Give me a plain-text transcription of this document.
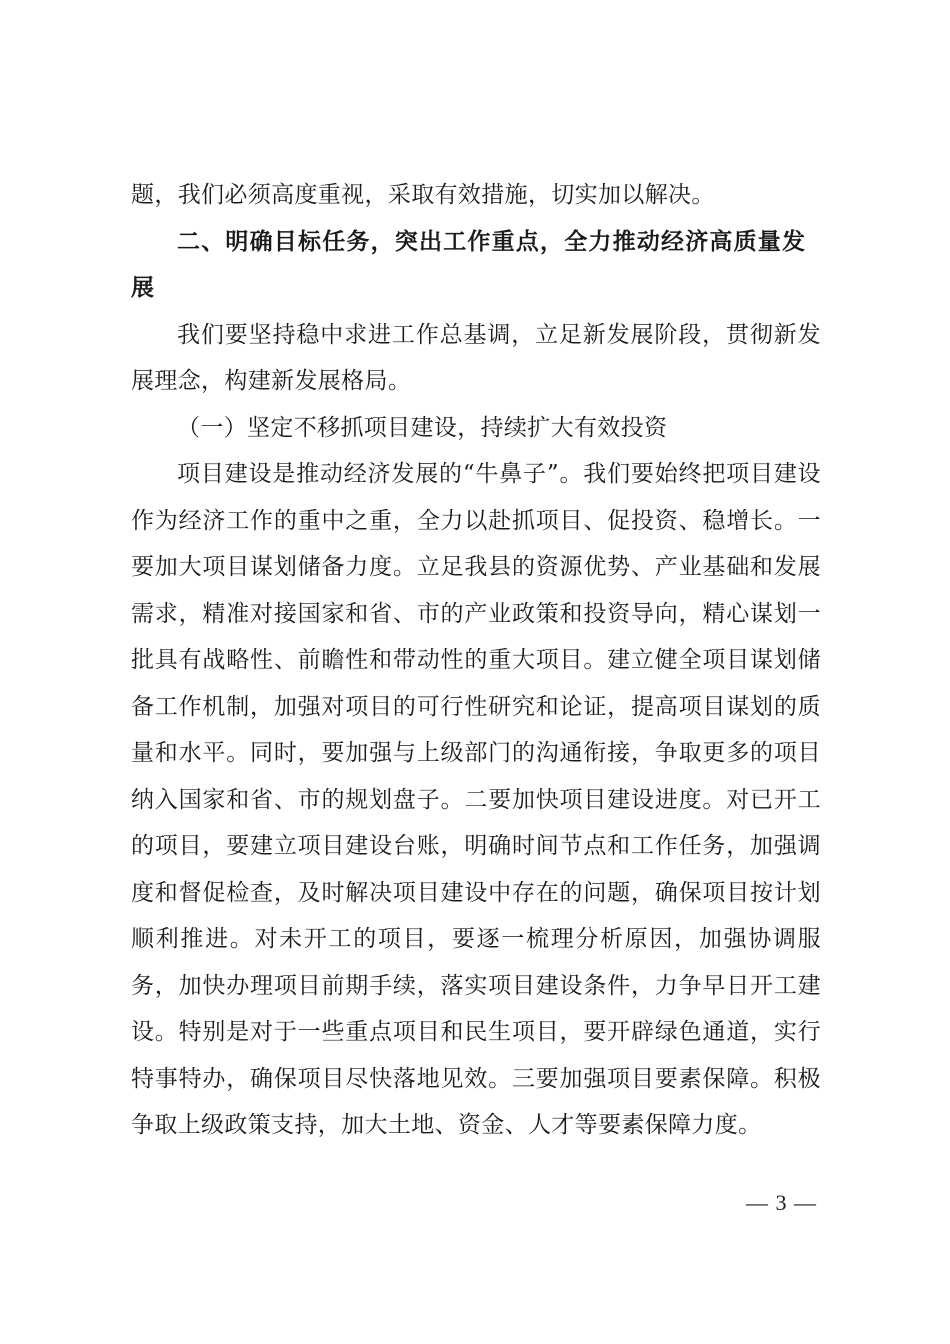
题，我们必须高度重视，采取有效措施，切实加以解决。

二、明确目标任务，突出工作重点，全力推动经济高质量发展

我们要坚持稳中求进工作总基调，立足新发展阶段，贯彻新发展理念，构建新发展格局。

（一）坚定不移抓项目建设，持续扩大有效投资

项目建设是推动经济发展的“牛鼻子”。我们要始终把项目建设作为经济工作的重中之重，全力以赴抓项目、促投资、稳增长。一要加大项目谋划储备力度。立足我县的资源优势、产业基础和发展需求，精准对接国家和省、市的产业政策和投资导向，精心谋划一批具有战略性、前瞻性和带动性的重大项目。建立健全项目谋划储备工作机制，加强对项目的可行性研究和论证，提高项目谋划的质量和水平。同时，要加强与上级部门的沟通衔接，争取更多的项目纳入国家和省、市的规划盘子。二要加快项目建设进度。对已开工的项目，要建立项目建设台账，明确时间节点和工作任务，加强调度和督促检查，及时解决项目建设中存在的问题，确保项目按计划顺利推进。对未开工的项目，要逐一梳理分析原因，加强协调服务，加快办理项目前期手续，落实项目建设条件，力争早日开工建设。特别是对于一些重点项目和民生项目，要开辟绿色通道，实行特事特办，确保项目尽快落地见效。三要加强项目要素保障。积极争取上级政策支持，加大土地、资金、人才等要素保障力度。

— 3 —
